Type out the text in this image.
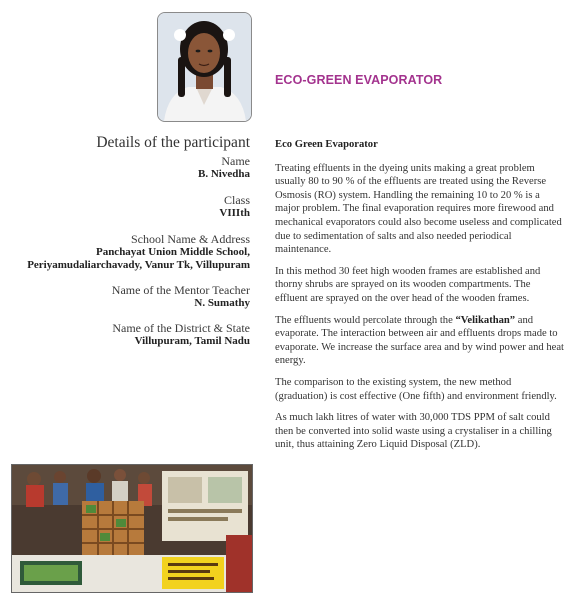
ECO-GREEN EVAPORATOR
Details of the participant
Name
B. Nivedha
Class
VIIIth
School Name & Address
Panchayat Union Middle School,
Periyamudaliarchavady, Vanur Tk, Villupuram
Name of the Mentor Teacher
N. Sumathy
Name of the District & State
Villupuram, Tamil Nadu
Eco Green Evaporator

Treating effluents in the dyeing units making a great problem usually 80 to 90 % of the effluents are treated using the Reverse Osmosis (RO) system. Handling the remaining 10 to 20 % is a major problem. The final evaporation requires more firewood and mechanical evaporators could also become useless and complicated due to sedimentation of salts and also needed periodical maintenance.

In this method 30 feet high wooden frames are established and thorny shrubs are sprayed on its wooden compartments. The effluent are sprayed on the over head of the wooden frames.

The effluents would percolate through the “Velikathan” and evaporate. The interaction between air and effluents drops made to evaporate. We increase the surface area and by wind power and heat energy.

The comparison to the existing system, the new method (graduation) is cost effective (One fifth) and environment friendly.

As much lakh litres of water with 30,000 TDS PPM of salt could then be converted into solid waste using a crystaliser in a chilling unit, thus attaining Zero Liquid Disposal (ZLD).
